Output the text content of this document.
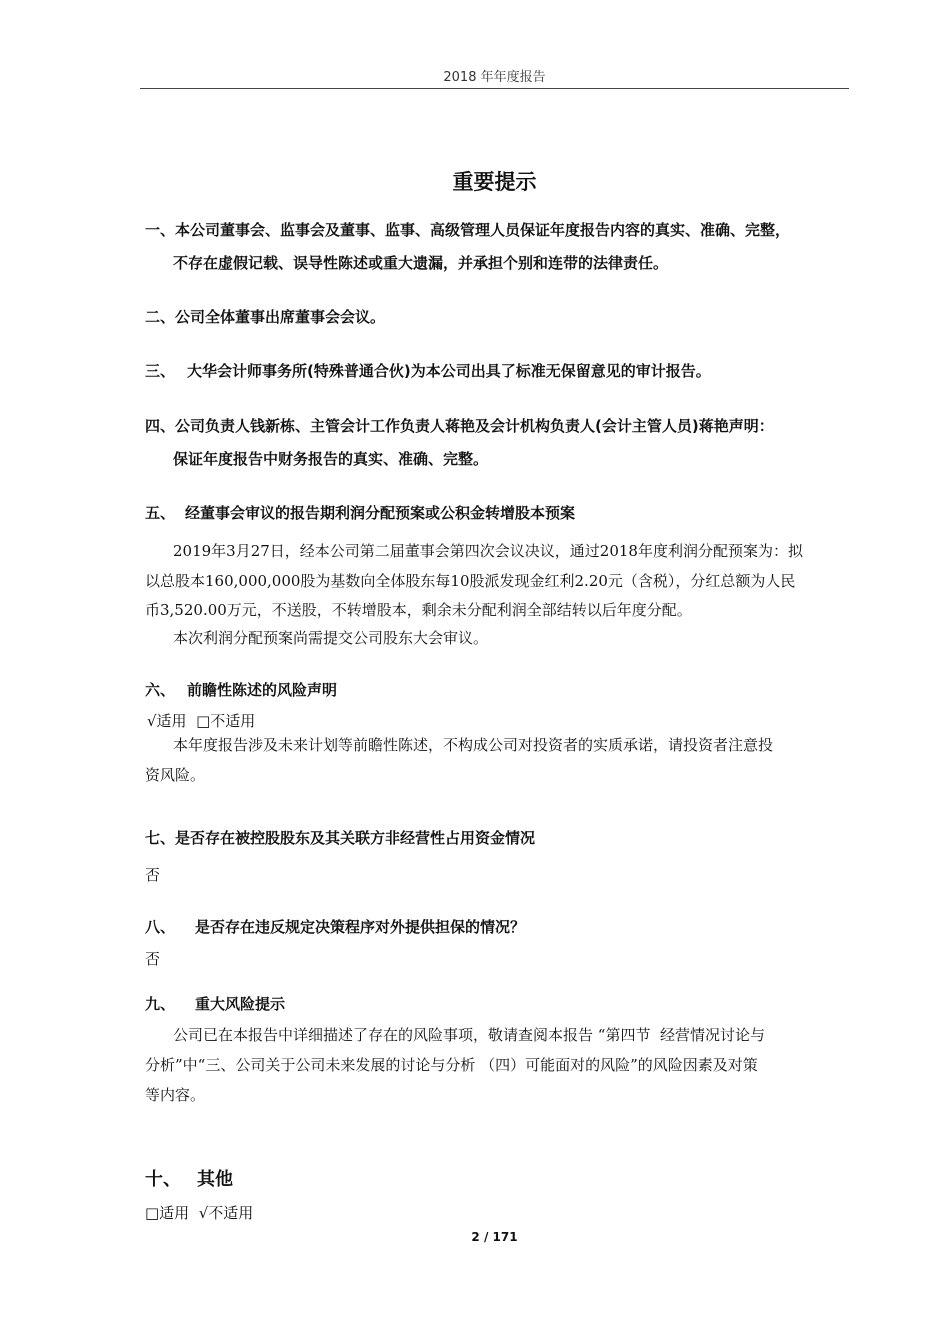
2018 年年度报告
重要提示
一、本公司董事会、监事会及董事、监事、高级管理人员保证年度报告内容的真实、准确、完整，
不存在虚假记载、误导性陈述或重大遗漏，并承担个别和连带的法律责任。
二、公司全体董事出席董事会会议。
三、 大华会计师事务所(特殊普通合伙)为本公司出具了标准无保留意见的审计报告。
四、公司负责人钱新栋、主管会计工作负责人蒋艳及会计机构负责人(会计主管人员)蒋艳声明：
保证年度报告中财务报告的真实、准确、完整。
五、 经董事会审议的报告期利润分配预案或公积金转增股本预案
2019年3月27日，经本公司第二届董事会第四次会议决议，通过2018年度利润分配预案为：拟
以总股本160,000,000股为基数向全体股东每10股派发现金红利2.20元（含税），分红总额为人民
币3,520.00万元，不送股，不转增股本，剩余未分配利润全部结转以后年度分配。
本次利润分配预案尚需提交公司股东大会审议。
六、 前瞻性陈述的风险声明
√适用  □不适用
本年度报告涉及未来计划等前瞻性陈述，不构成公司对投资者的实质承诺，请投资者注意投
资风险。
七、是否存在被控股股东及其关联方非经营性占用资金情况
否
八、 是否存在违反规定决策程序对外提供担保的情况？
否
九、 重大风险提示
公司已在本报告中详细描述了存在的风险事项，敬请查阅本报告 “第四节  经营情况讨论与
分析”中“三、公司关于公司未来发展的讨论与分析 （四）可能面对的风险”的风险因素及对策
等内容。
十、 其他
□适用  √不适用
2 / 171
